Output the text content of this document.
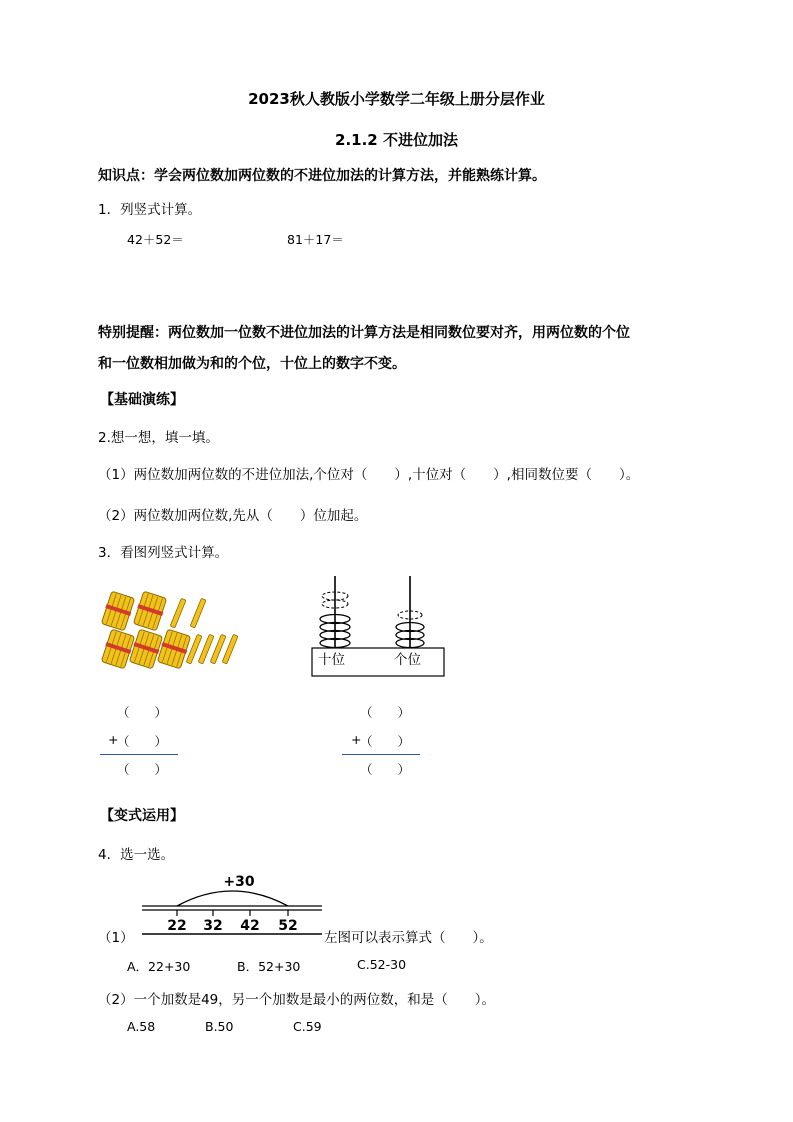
2023秋人教版小学数学二年级上册分层作业
2.1.2 不进位加法
知识点：学会两位数加两位数的不进位加法的计算方法，并能熟练计算。
1．列竖式计算。
42＋52＝	81＋17＝
特别提醒：两位数加一位数不进位加法的计算方法是相同数位要对齐，用两位数的个位
和一位数相加做为和的个位，十位上的数字不变。
【基础演练】
2.想一想，填一填。
（1）两位数加两位数的不进位加法,个位对（　　）,十位对（　　）,相同数位要（　　）。
（2）两位数加两位数,先从（　　）位加起。
3．看图列竖式计算。
十位	个位
（　　）
+
（　　）
（　　）
（　　）
+
（　　）
（　　）
【变式运用】
4．选一选。
+30
22 32 42 52
（1）	左图可以表示算式（　　）。
A．22+30	B．52+30	C.52-30
（2）一个加数是49，另一个加数是最小的两位数，和是（　　）。
A.58	B.50	C.59
